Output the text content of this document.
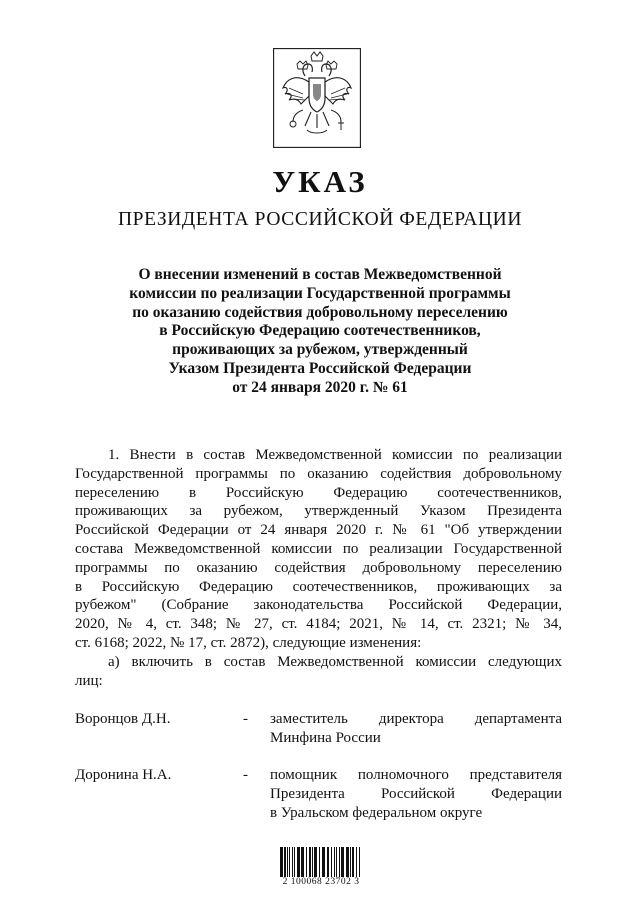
УКАЗ
ПРЕЗИДЕНТА РОССИЙСКОЙ ФЕДЕРАЦИИ
О внесении изменений в состав Межведомственной
комиссии по реализации Государственной программы
по оказанию содействия добровольному переселению
в Российскую Федерацию соотечественников,
проживающих за рубежом, утвержденный
Указом Президента Российской Федерации
от 24 января 2020 г. № 61
1. Внести в состав Межведомственной комиссии по реализации
Государственной программы по оказанию содействия добровольному
переселению в Российскую Федерацию соотечественников,
проживающих за рубежом, утвержденный Указом Президента
Российской Федерации от 24 января 2020 г. № 61 "Об утверждении
состава Межведомственной комиссии по реализации Государственной
программы по оказанию содействия добровольному переселению
в Российскую Федерацию соотечественников, проживающих за
рубежом" (Собрание законодательства Российской Федерации,
2020, № 4, ст. 348; № 27, ст. 4184; 2021, № 14, ст. 2321; № 34,
ст. 6168; 2022, № 17, ст. 2872), следующие изменения:
а) включить в состав Межведомственной комиссии следующих
лиц:
Воронцов Д.Н.	- заместитель директора департамента
Минфина России
Доронина Н.А.	- помощник полномочного представителя
Президента Российской Федерации
в Уральском федеральном округе
2 100068 23702 3
